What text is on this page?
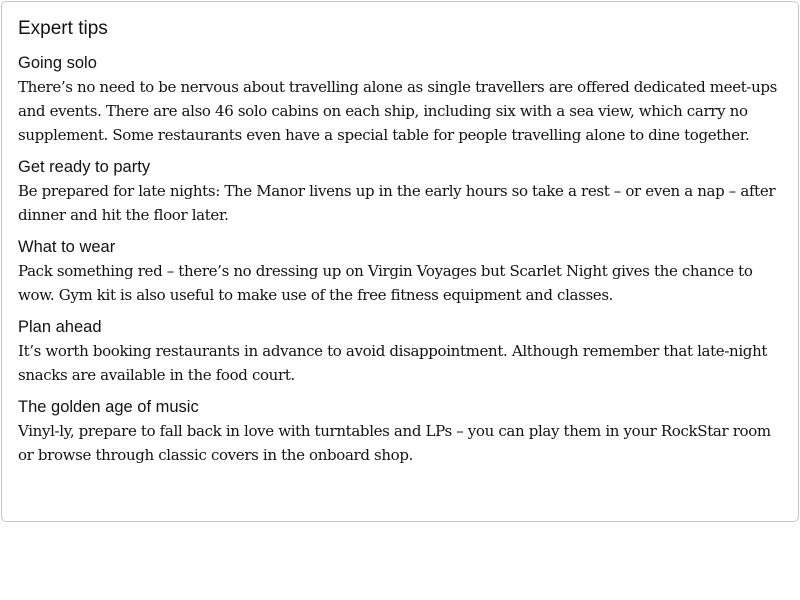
Expert tips
Going solo

There’s no need to be nervous about travelling alone as single travellers are offered dedicated meet-ups and events. There are also 46 solo cabins on each ship, including six with a sea view, which carry no supplement. Some restaurants even have a special table for people travelling alone to dine together.

Get ready to party

Be prepared for late nights: The Manor livens up in the early hours so take a rest – or even a nap – after dinner and hit the floor later.

What to wear

Pack something red – there’s no dressing up on Virgin Voyages but Scarlet Night gives the chance to wow. Gym kit is also useful to make use of the free fitness equipment and classes.

Plan ahead

It’s worth booking restaurants in advance to avoid disappointment. Although remember that late-night snacks are available in the food court.

The golden age of music

Vinyl-ly, prepare to fall back in love with turntables and LPs – you can play them in your RockStar room or browse through classic covers in the onboard shop.
